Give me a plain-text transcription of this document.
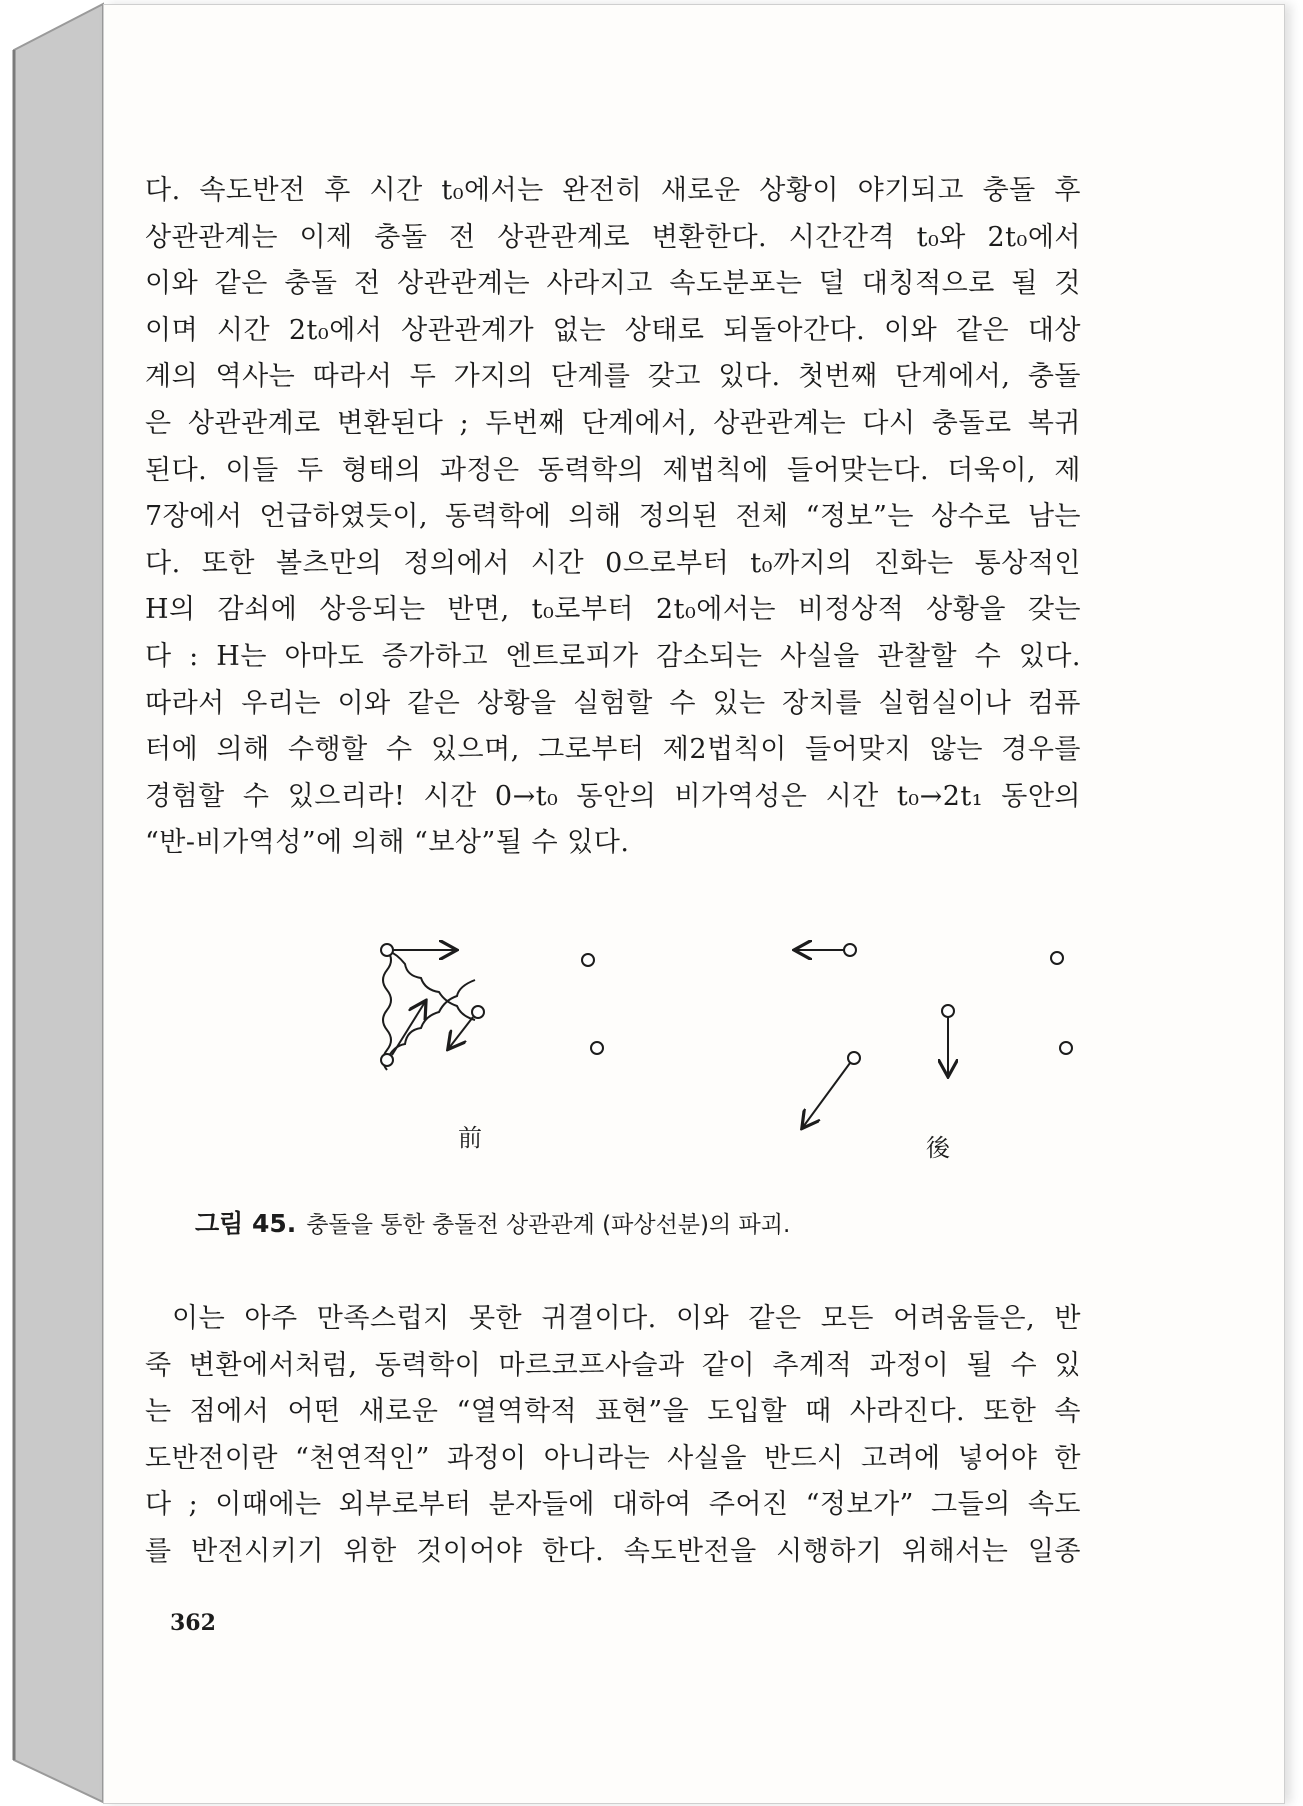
다. 속도반전 후 시간 t₀에서는 완전히 새로운 상황이 야기되고 충돌 후
상관관계는 이제 충돌 전 상관관계로 변환한다. 시간간격 t₀와 2t₀에서
이와 같은 충돌 전 상관관계는 사라지고 속도분포는 덜 대칭적으로 될 것
이며 시간 2t₀에서 상관관계가 없는 상태로 되돌아간다. 이와 같은 대상
계의 역사는 따라서 두 가지의 단계를 갖고 있다. 첫번째 단계에서, 충돌
은 상관관계로 변환된다 ; 두번째 단계에서, 상관관계는 다시 충돌로 복귀
된다. 이들 두 형태의 과정은 동력학의 제법칙에 들어맞는다. 더욱이, 제
7장에서 언급하였듯이, 동력학에 의해 정의된 전체 “정보”는 상수로 남는
다. 또한 볼츠만의 정의에서 시간 0으로부터 t₀까지의 진화는 통상적인
H의 감쇠에 상응되는 반면, t₀로부터 2t₀에서는 비정상적 상황을 갖는
다 : H는 아마도 증가하고 엔트로피가 감소되는 사실을 관찰할 수 있다.
따라서 우리는 이와 같은 상황을 실험할 수 있는 장치를 실험실이나 컴퓨
터에 의해 수행할 수 있으며, 그로부터 제2법칙이 들어맞지 않는 경우를
경험할 수 있으리라! 시간 0→t₀ 동안의 비가역성은 시간 t₀→2t₁ 동안의
“반-비가역성”에 의해 “보상”될 수 있다.
前	後
그림 45. 충돌을 통한 충돌전 상관관계 (파상선분)의 파괴.
이는 아주 만족스럽지 못한 귀결이다. 이와 같은 모든 어려움들은, 반
죽 변환에서처럼, 동력학이 마르코프사슬과 같이 추계적 과정이 될 수 있
는 점에서 어떤 새로운 “열역학적 표현”을 도입할 때 사라진다. 또한 속
도반전이란 “천연적인” 과정이 아니라는 사실을 반드시 고려에 넣어야 한
다 ; 이때에는 외부로부터 분자들에 대하여 주어진 “정보가” 그들의 속도
를 반전시키기 위한 것이어야 한다. 속도반전을 시행하기 위해서는 일종
362
